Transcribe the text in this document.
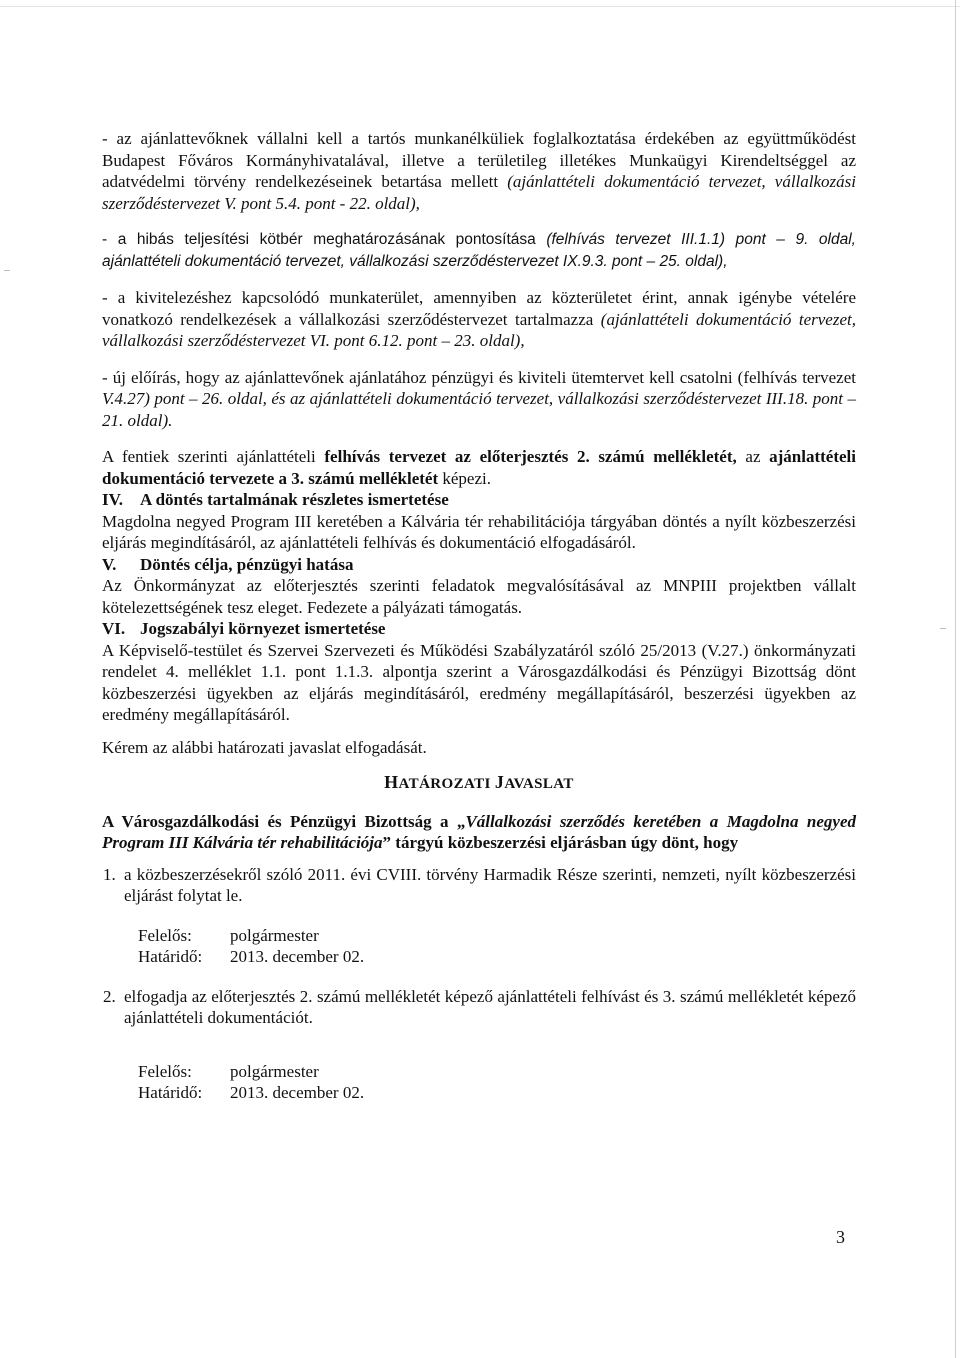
- az ajánlattevőknek vállalni kell a tartós munkanélküliek foglalkoztatása érdekében az együttműködést Budapest Főváros Kormányhivatalával, illetve a területileg illetékes Munkaügyi Kirendeltséggel az adatvédelmi törvény rendelkezéseinek betartása mellett (ajánlattételi dokumentáció tervezet, vállalkozási szerződéstervezet V. pont 5.4. pont - 22. oldal),

- a hibás teljesítési kötbér meghatározásának pontosítása (felhívás tervezet III.1.1) pont – 9. oldal, ajánlattételi dokumentáció tervezet, vállalkozási szerződéstervezet IX.9.3. pont – 25. oldal),

- a kivitelezéshez kapcsolódó munkaterület, amennyiben az közterületet érint, annak igénybe vételére vonatkozó rendelkezések a vállalkozási szerződéstervezet tartalmazza (ajánlattételi dokumentáció tervezet, vállalkozási szerződéstervezet VI. pont 6.12. pont – 23. oldal),

- új előírás, hogy az ajánlattevőnek ajánlatához pénzügyi és kiviteli ütemtervet kell csatolni (felhívás tervezet V.4.27) pont – 26. oldal, és az ajánlattételi dokumentáció tervezet, vállalkozási szerződéstervezet III.18. pont – 21. oldal).

A fentiek szerinti ajánlattételi felhívás tervezet az előterjesztés 2. számú mellékletét, az ajánlattételi dokumentáció tervezete a 3. számú mellékletét képezi.

IV. A döntés tartalmának részletes ismertetése

Magdolna negyed Program III keretében a Kálvária tér rehabilitációja tárgyában döntés a nyílt közbeszerzési eljárás megindításáról, az ajánlattételi felhívás és dokumentáció elfogadásáról.

V. Döntés célja, pénzügyi hatása

Az Önkormányzat az előterjesztés szerinti feladatok megvalósításával az MNPIII projektben vállalt kötelezettségének tesz eleget. Fedezete a pályázati támogatás.

VI. Jogszabályi környezet ismertetése

A Képviselő-testület és Szervei Szervezeti és Működési Szabályzatáról szóló 25/2013 (V.27.) önkormányzati rendelet 4. melléklet 1.1. pont 1.1.3. alpontja szerint a Városgazdálkodási és Pénzügyi Bizottság dönt közbeszerzési ügyekben az eljárás megindításáról, eredmény megállapításáról, beszerzési ügyekben az eredmény megállapításáról.

Kérem az alábbi határozati javaslat elfogadását.

HATÁROZATI JAVASLAT

A Városgazdálkodási és Pénzügyi Bizottság a „Vállalkozási szerződés keretében a Magdolna negyed Program III Kálvária tér rehabilitációja” tárgyú közbeszerzési eljárásban úgy dönt, hogy

1. a közbeszerzésekről szóló 2011. évi CVIII. törvény Harmadik Része szerinti, nemzeti, nyílt közbeszerzési eljárást folytat le.
Felelős:	polgármester
Határidő:	2013. december 02.
2. elfogadja az előterjesztés 2. számú mellékletét képező ajánlattételi felhívást és 3. számú mellékletét képező ajánlattételi dokumentációt.
Felelős:	polgármester
Határidő:	2013. december 02.
3
